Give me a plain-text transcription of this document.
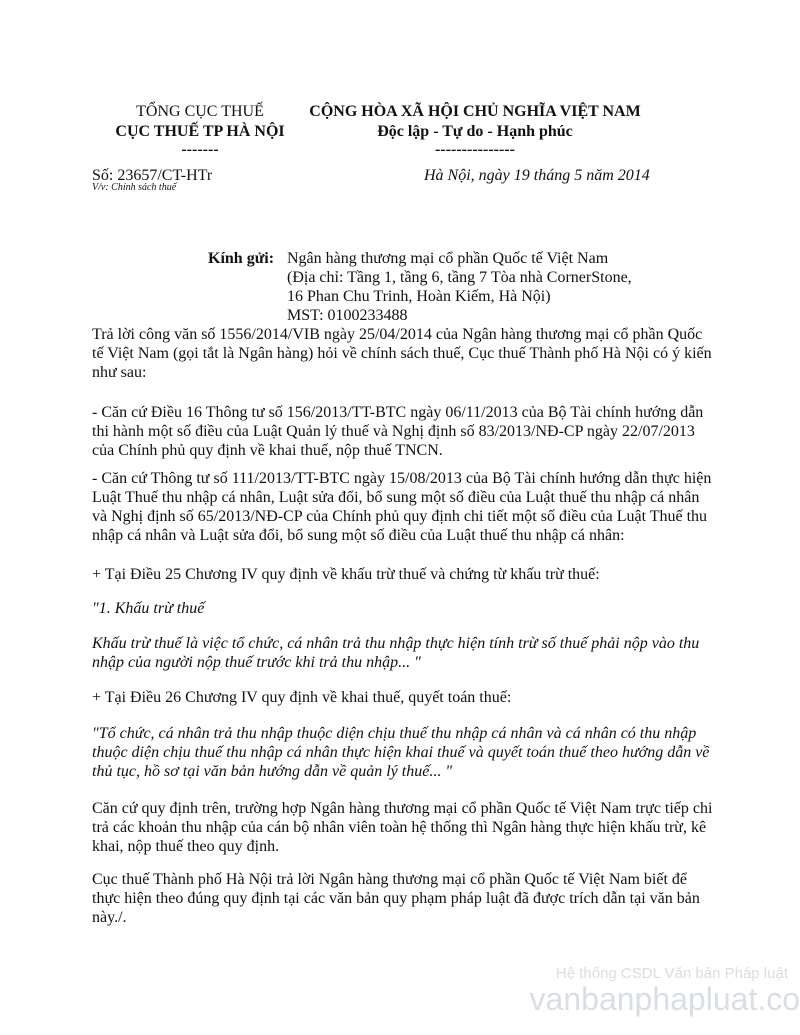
TỔNG CỤC THUẾ
CỤC THUẾ TP HÀ NỘI
-------
CỘNG HÒA XÃ HỘI CHỦ NGHĨA VIỆT NAM
Độc lập - Tự do - Hạnh phúc
---------------
Số: 23657/CT-HTr
V/v: Chính sách thuế
Hà Nội, ngày 19 tháng 5 năm 2014
Kính gửi: Ngân hàng thương mại cổ phần Quốc tế Việt Nam
(Địa chỉ: Tầng 1, tầng 6, tầng 7 Tòa nhà CornerStone,
16 Phan Chu Trinh, Hoàn Kiếm, Hà Nội)
MST: 0100233488

Trả lời công văn số 1556/2014/VIB ngày 25/04/2014 của Ngân hàng thương mại cổ phần Quốc

tế Việt Nam (gọi tắt là Ngân hàng) hỏi về chính sách thuế, Cục thuế Thành phố Hà Nội có ý kiến

như sau:

- Căn cứ Điều 16 Thông tư số 156/2013/TT-BTC ngày 06/11/2013 của Bộ Tài chính hướng dẫn

thi hành một số điều của Luật Quản lý thuế và Nghị định số 83/2013/NĐ-CP ngày 22/07/2013

của Chính phủ quy định về khai thuế, nộp thuế TNCN.

- Căn cứ Thông tư số 111/2013/TT-BTC ngày 15/08/2013 của Bộ Tài chính hướng dẫn thực hiện

Luật Thuế thu nhập cá nhân, Luật sửa đổi, bổ sung một số điều của Luật thuế thu nhập cá nhân

và Nghị định số 65/2013/NĐ-CP của Chính phủ quy định chi tiết một số điều của Luật Thuế thu

nhập cá nhân và Luật sửa đổi, bổ sung một số điều của Luật thuế thu nhập cá nhân:

+ Tại Điều 25 Chương IV quy định về khấu trừ thuế và chứng từ khấu trừ thuế:

"1. Khấu trừ thuế

Khấu trừ thuế là việc tổ chức, cá nhân trả thu nhập thực hiện tính trừ số thuế phải nộp vào thu

nhập của người nộp thuế trước khi trả thu nhập... "

+ Tại Điều 26 Chương IV quy định về khai thuế, quyết toán thuế:

"Tổ chức, cá nhân trả thu nhập thuộc diện chịu thuế thu nhập cá nhân và cá nhân có thu nhập

thuộc diện chịu thuế thu nhập cá nhân thực hiện khai thuế và quyết toán thuế theo hướng dẫn về

thủ tục, hồ sơ tại văn bản hướng dẫn về quản lý thuế... "

Căn cứ quy định trên, trường hợp Ngân hàng thương mại cổ phần Quốc tế Việt Nam trực tiếp chi

trả các khoản thu nhập của cán bộ nhân viên toàn hệ thống thì Ngân hàng thực hiện khấu trừ, kê

khai, nộp thuế theo quy định.

Cục thuế Thành phố Hà Nội trả lời Ngân hàng thương mại cổ phần Quốc tế Việt Nam biết để

thực hiện theo đúng quy định tại các văn bản quy phạm pháp luật đã được trích dẫn tại văn bản

này./.

Hệ thống CSDL Văn bản Pháp luật
vanbanphapluat.co
